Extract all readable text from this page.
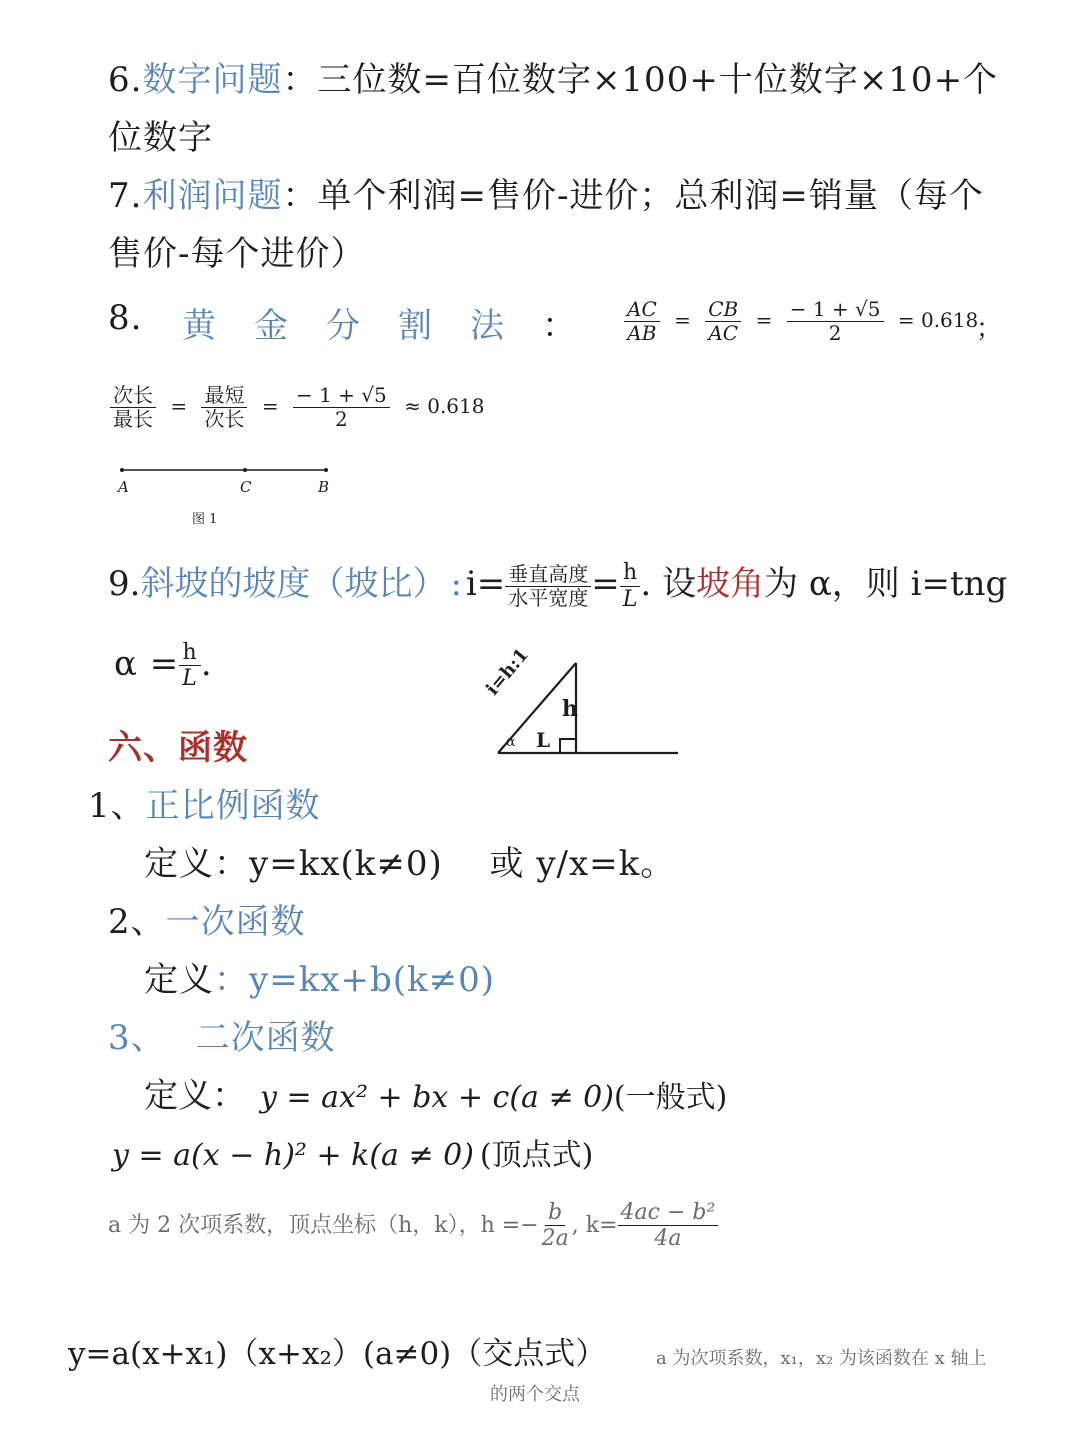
6.数字问题：三位数=百位数字×100+十位数字×10+个
位数字
7.利润问题：单个利润=售价-进价；总利润=销量（每个
售价-每个进价）
8. 黄 金 分 割 法 ： $\frac{AC}{AB} = \frac{CB}{AC} = \frac{- 1 + √5}{2} = 0.618$
；
$\frac{\text{次长}}{\text{最长}} = \frac{\text{最短}}{\text{次长}} = \frac{- 1 + √5}{2} \approx 0.618$
A	C	B
图 1
9.斜坡的坡度（坡比） : $i= \frac{\text{垂直高度}}{\text{水平宽度}} = \frac{h}{L}$ . 设坡角为 α，则 i=tng
$\alpha = \frac{h}{L}$ .	i=h:1
h
L
α
六、函数
1、正比例函数
定义：y=kx(k≠0)　 或 y/x=k。
2、一次函数
定义：y=kx+b(k≠0)
3、 二次函数
定义： y = ax² + bx + c(a ≠ 0)(一般式)
y = a(x − h)² + k(a ≠ 0) (顶点式)
a 为 2 次项系数，顶点坐标（h，k），$h =- \frac{b}{2a}$ , $k= \frac{\text{4ac − b²}}{4a}$
y=a(x+x₁)（x+x₂）(a≠0)（交点式）	a 为次项系数，x₁，x₂ 为该函数在 x 轴上
的两个交点
